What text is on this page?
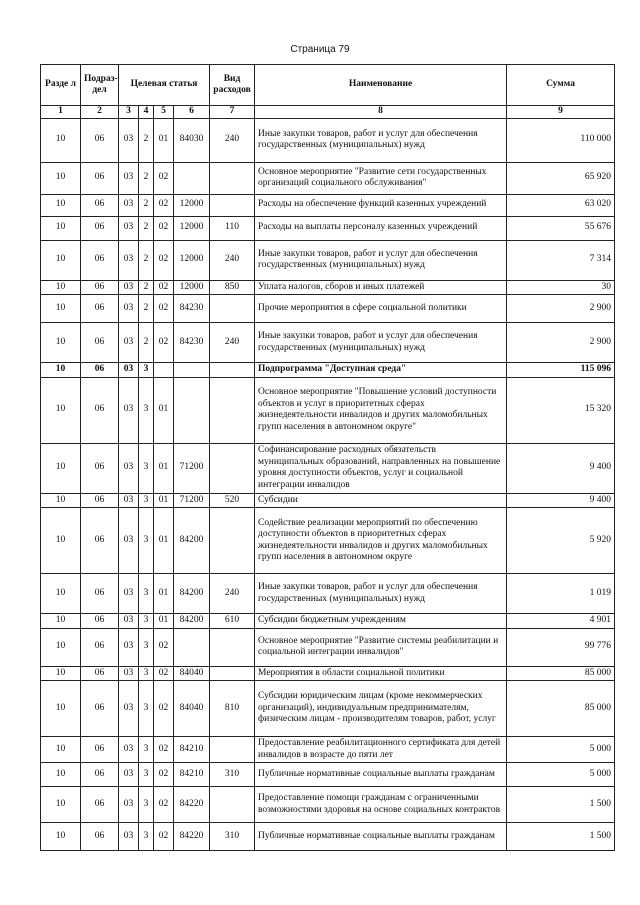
Страница 79
Разде л	Подраз- дел	Целевая статья				Вид расходов	Наименование	Сумма
1	2	3	4	5	6	7	8	9
10	06	03	2	01	84030	240	Иные закупки товаров, работ и услуг для обеспечения государственных (муниципальных) нужд	110 000
10	06	03	2	02			Основное мероприятие "Развитие сети государственных организаций социального обслуживания"	65 920
10	06	03	2	02	12000		Расходы на обеспечение функций казенных учреждений	63 020
10	06	03	2	02	12000	110	Расходы на выплаты персоналу казенных учреждений	55 676
10	06	03	2	02	12000	240	Иные закупки товаров, работ и услуг для обеспечения государственных (муниципальных) нужд	7 314
10	06	03	2	02	12000	850	Уплата налогов, сборов и иных платежей	30
10	06	03	2	02	84230		Прочие мероприятия в сфере социальной политики	2 900
10	06	03	2	02	84230	240	Иные закупки товаров, работ и услуг для обеспечения государственных (муниципальных) нужд	2 900
10	06	03	3				Подпрограмма "Доступная среда"	115 096
10	06	03	3	01			Основное мероприятие "Повышение условий доступности объектов и услуг в приоритетных сферах жизнедеятельности инвалидов и других маломобильных групп населения в автономном округе"	15 320
10	06	03	3	01	71200		Софинансирование расходных обязательств муниципальных образований, направленных на повышение уровня доступности объектов, услуг и социальной интеграции инвалидов	9 400
10	06	03	3	01	71200	520	Субсидии	9 400
10	06	03	3	01	84200		Содействие реализации мероприятий по обеспечению доступности объектов в приоритетных сферах жизнедеятельности инвалидов и других маломобильных групп населения в автономном округе	5 920
10	06	03	3	01	84200	240	Иные закупки товаров, работ и услуг для обеспечения государственных (муниципальных) нужд	1 019
10	06	03	3	01	84200	610	Субсидии бюджетным учреждениям	4 901
10	06	03	3	02			Основное мероприятие "Развитие системы реабилитации и социальной интеграции инвалидов"	99 776
10	06	03	3	02	84040		Мероприятия в области социальной политики	85 000
10	06	03	3	02	84040	810	Субсидии юридическим лицам (кроме некоммерческих организаций), индивидуальным предпринимателям, физическим лицам - производителям товаров, работ, услуг	85 000
10	06	03	3	02	84210		Предоставление реабилитационного сертификата для детей инвалидов в возрасте до пяти лет	5 000
10	06	03	3	02	84210	310	Публичные нормативные социальные выплаты гражданам	5 000
10	06	03	3	02	84220		Предоставление помощи гражданам с ограниченными возможностями здоровья на основе социальных контрактов	1 500
10	06	03	3	02	84220	310	Публичные нормативные социальные выплаты гражданам	1 500
